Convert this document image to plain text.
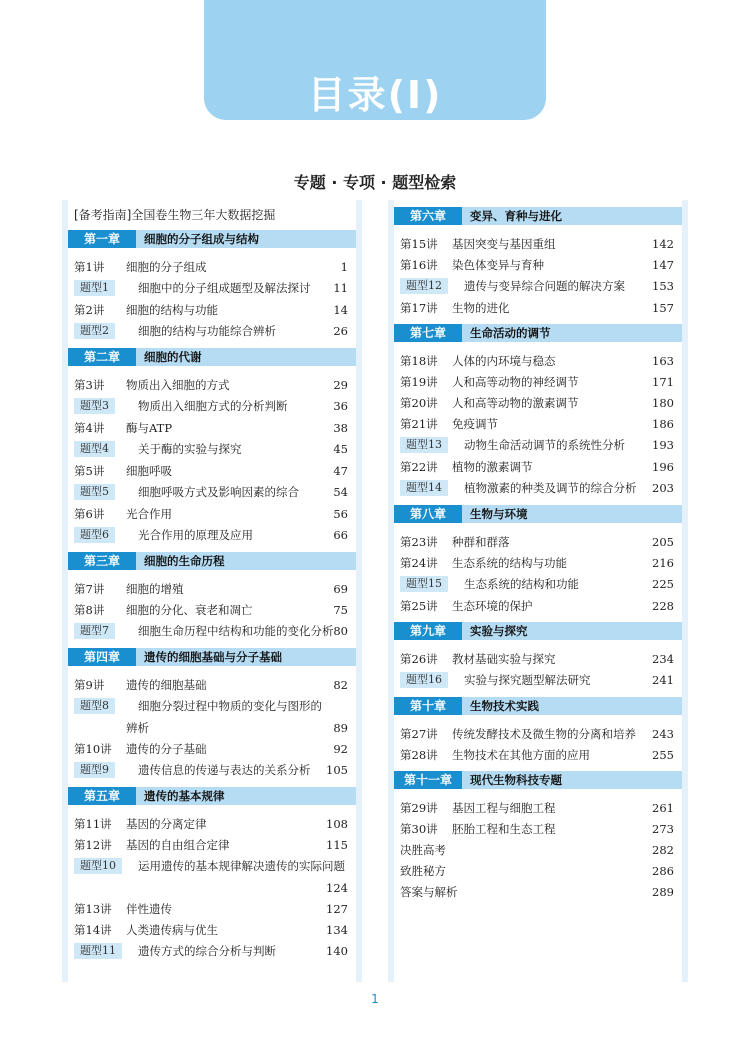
目录(Ⅰ)
专题 · 专项 · 题型检索
[备考指南]全国卷生物三年大数据挖掘
第一章	细胞的分子组成与结构
第1讲 细胞的分子组成	1
题型1	细胞中的分子组成题型及解法探讨 11
第2讲 细胞的结构与功能	14
题型2	细胞的结构与功能综合辨析	26
第二章	细胞的代谢
第3讲 物质出入细胞的方式	29
题型3	物质出入细胞方式的分析判断	36
第4讲 酶与ATP	38
题型4	关于酶的实验与探究	45
第5讲 细胞呼吸	47
题型5	细胞呼吸方式及影响因素的综合	54
第6讲 光合作用	56
题型6	光合作用的原理及应用	66
第三章	细胞的生命历程
第7讲 细胞的增殖	69
第8讲 细胞的分化、衰老和凋亡	75
题型7	细胞生命历程中结构和功能的变化分析 80
第四章	遗传的细胞基础与分子基础
第9讲 遗传的细胞基础	82
题型8	细胞分裂过程中物质的变化与图形的
辨析	89
第10讲 遗传的分子基础	92
题型9	遗传信息的传递与表达的关系分析 105
第五章	遗传的基本规律
第11讲 基因的分离定律	108
第12讲 基因的自由组合定律	115
题型10	运用遗传的基本规律解决遗传的实际问题
124
第13讲 伴性遗传	127
第14讲 人类遗传病与优生	134
题型11	遗传方式的综合分析与判断	140
第六章	变异、育种与进化
第15讲 基因突变与基因重组	142
第16讲 染色体变异与育种	147
题型12	遗传与变异综合问题的解决方案 153
第17讲 生物的进化	157
第七章	生命活动的调节
第18讲 人体的内环境与稳态	163
第19讲 人和高等动物的神经调节	171
第20讲 人和高等动物的激素调节	180
第21讲 免疫调节	186
题型13	动物生命活动调节的系统性分析 193
第22讲 植物的激素调节	196
题型14	植物激素的种类及调节的综合分析 203
第八章	生物与环境
第23讲 种群和群落	205
第24讲 生态系统的结构与功能	216
题型15	生态系统的结构和功能	225
第25讲 生态环境的保护	228
第九章	实验与探究
第26讲 教材基础实验与探究	234
题型16	实验与探究题型解法研究	241
第十章	生物技术实践
第27讲 传统发酵技术及微生物的分离和培养 243
第28讲 生物技术在其他方面的应用	255
第十一章	现代生物科技专题
第29讲 基因工程与细胞工程	261
第30讲 胚胎工程和生态工程	273
决胜高考	282
致胜秘方	286
答案与解析	289
1
